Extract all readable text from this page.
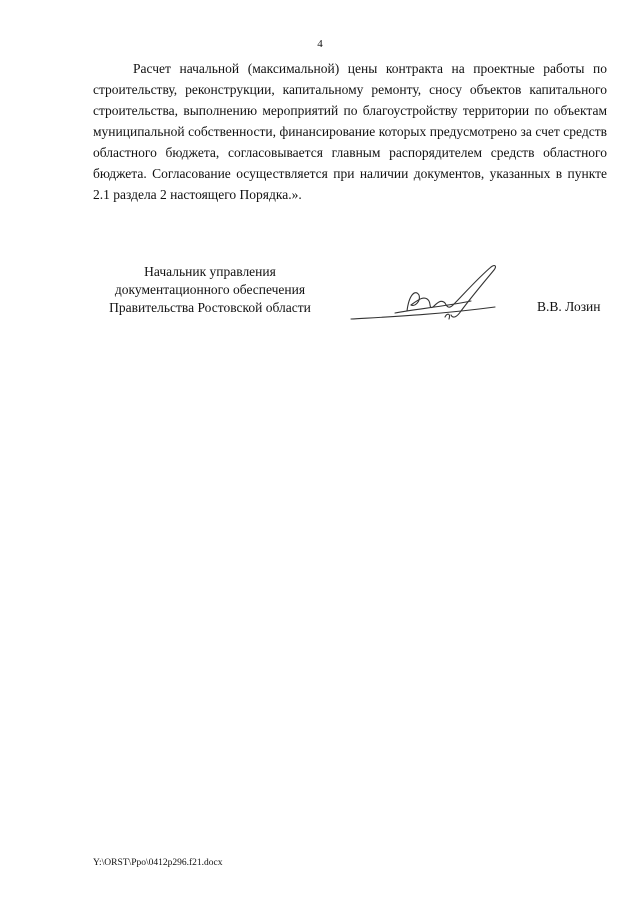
4

Расчет начальной (максимальной) цены контракта на проектные работы по строительству, реконструкции, капитальному ремонту, сносу объектов капитального строительства, выполнению мероприятий по благоустройству территории по объектам муниципальной собственности, финансирование которых предусмотрено за счет средств областного бюджета, согласовывается главным распорядителем средств областного бюджета. Согласование осуществляется при наличии документов, указанных в пункте 2.1 раздела 2 настоящего Порядка.».

Начальник управления
документационного обеспечения
Правительства Ростовской области	В.В. Лозин
Y:\ORST\Ppo\0412p296.f21.docx
